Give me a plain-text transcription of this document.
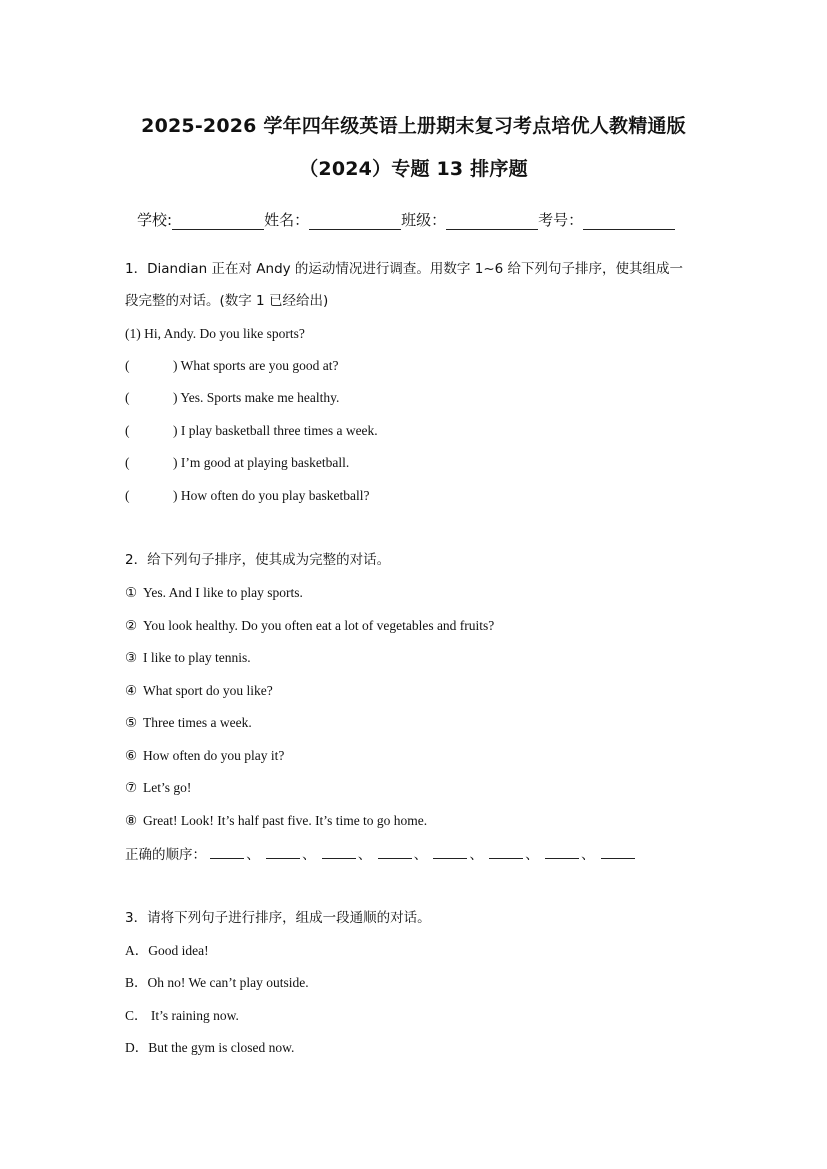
2025-2026 学年四年级英语上册期末复习考点培优人教精通版
（2024）专题 13 排序题
学校:	姓名：	班级：	考号：
1．Diandian 正在对 Andy 的运动情况进行调查。用数字 1~6 给下列句子排序，使其组成一
段完整的对话。(数字 1 已经给出)
(1) Hi, Andy. Do you like sports?
(	) What sports are you good at?
(	) Yes. Sports make me healthy.
(	) I play basketball three times a week.
(	) I’m good at playing basketball.
(	) How often do you play basketball?
2．给下列句子排序，使其成为完整的对话。
① Yes. And I like to play sports.
② You look healthy. Do you often eat a lot of vegetables and fruits?
③ I like to play tennis.
④ What sport do you like?
⑤ Three times a week.
⑥ How often do you play it?
⑦ Let’s go!
⑧ Great! Look! It’s half past five. It’s time to go home.
正确的顺序：	、	、	、	、	、	、	、
3．请将下列句子进行排序，组成一段通顺的对话。
A．Good idea!
B．Oh no! We can’t play outside.
C． It’s raining now.
D．But the gym is closed now.
